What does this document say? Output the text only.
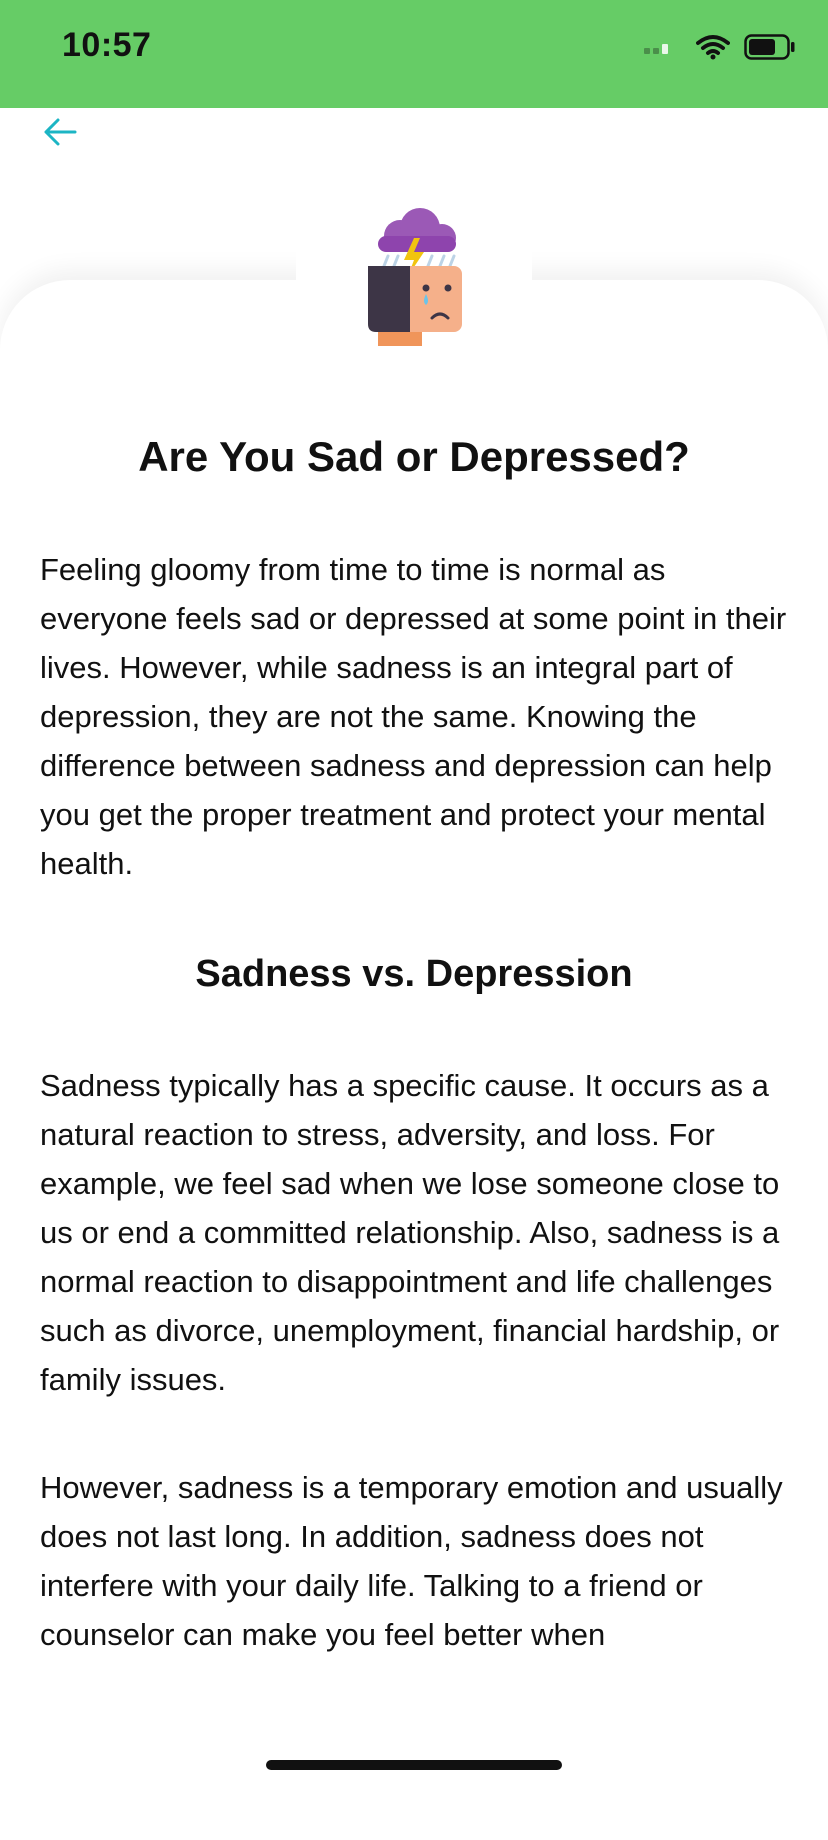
10:57
Are You Sad or Depressed?

Feeling gloomy from time to time is normal as everyone feels sad or depressed at some point in their lives. However, while sadness is an integral part of depression, they are not the same. Knowing the difference between sadness and depression can help you get the proper treatment and protect your mental health.

Sadness vs. Depression

Sadness typically has a specific cause. It occurs as a natural reaction to stress, adversity, and loss. For example, we feel sad when we lose someone close to us or end a committed relationship. Also, sadness is a normal reaction to disappointment and life challenges such as divorce, unemployment, financial hardship, or family issues.

However, sadness is a temporary emotion and usually does not last long. In addition, sadness does not interfere with your daily life. Talking to a friend or counselor can make you feel better when
